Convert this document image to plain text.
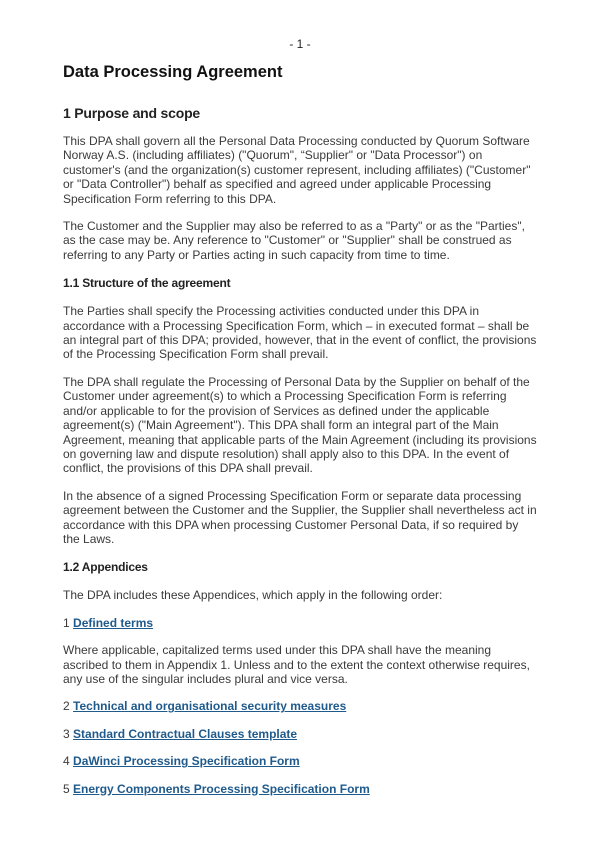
- 1 -
Data Processing Agreement
1 Purpose and scope

This DPA shall govern all the Personal Data Processing conducted by Quorum Software Norway A.S. (including affiliates) ("Quorum", “Supplier" or "Data Processor") on customer's (and the organization(s) customer represent, including affiliates) ("Customer" or "Data Controller") behalf as specified and agreed under applicable Processing Specification Form referring to this DPA.

The Customer and the Supplier may also be referred to as a "Party" or as the "Parties", as the case may be. Any reference to "Customer" or "Supplier" shall be construed as referring to any Party or Parties acting in such capacity from time to time.

1.1 Structure of the agreement

The Parties shall specify the Processing activities conducted under this DPA in accordance with a Processing Specification Form, which – in executed format – shall be an integral part of this DPA; provided, however, that in the event of conflict, the provisions of the Processing Specification Form shall prevail.

The DPA shall regulate the Processing of Personal Data by the Supplier on behalf of the Customer under agreement(s) to which a Processing Specification Form is referring and/or applicable to for the provision of Services as defined under the applicable agreement(s) ("Main Agreement"). This DPA shall form an integral part of the Main Agreement, meaning that applicable parts of the Main Agreement (including its provisions on governing law and dispute resolution) shall apply also to this DPA. In the event of conflict, the provisions of this DPA shall prevail.

In the absence of a signed Processing Specification Form or separate data processing agreement between the Customer and the Supplier, the Supplier shall nevertheless act in accordance with this DPA when processing Customer Personal Data, if so required by the Laws.

1.2 Appendices

The DPA includes these Appendices, which apply in the following order:

1 Defined terms

Where applicable, capitalized terms used under this DPA shall have the meaning ascribed to them in Appendix 1. Unless and to the extent the context otherwise requires, any use of the singular includes plural and vice versa.

2 Technical and organisational security measures
3 Standard Contractual Clauses template
4 DaWinci Processing Specification Form
5 Energy Components Processing Specification Form
